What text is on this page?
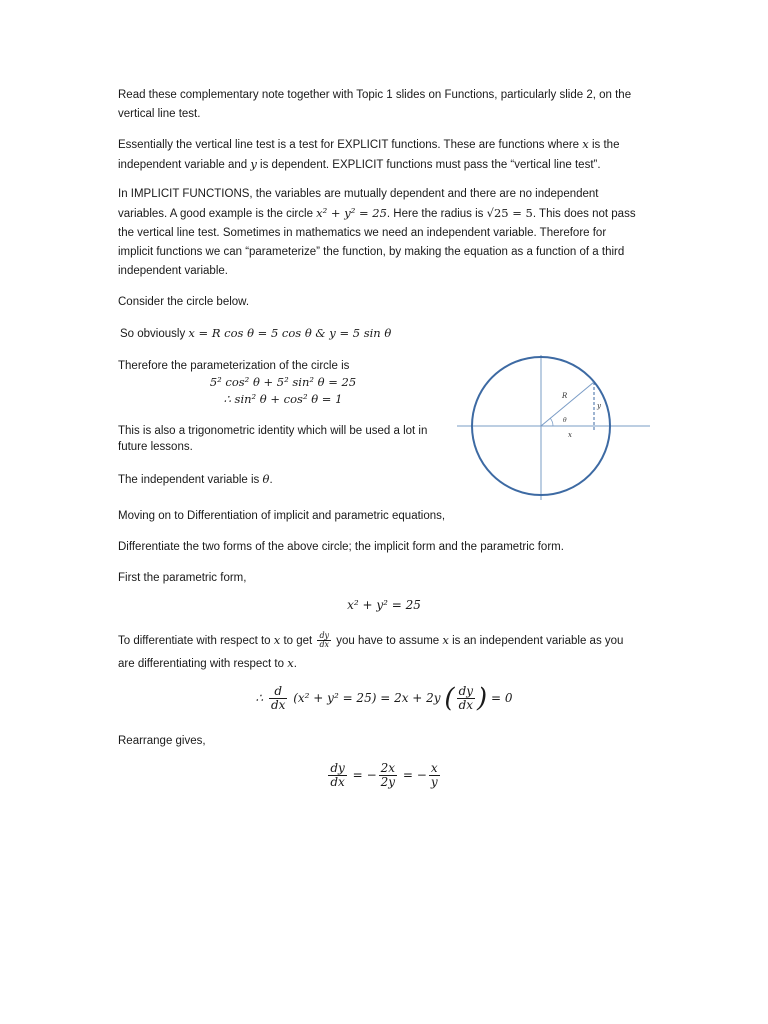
Read these complementary note together with Topic 1 slides on Functions, particularly slide 2, on the vertical line test.

Essentially the vertical line test is a test for EXPLICIT functions. These are functions where x is the independent variable and y is dependent. EXPLICIT functions must pass the “vertical line test”.

In IMPLICIT FUNCTIONS, the variables are mutually dependent and there are no independent variables. A good example is the circle x² + y² = 25. Here the radius is √25 = 5. This does not pass the vertical line test. Sometimes in mathematics we need an independent variable. Therefore for implicit functions we can “parameterize” the function, by making the equation as a function of a third independent variable.

Consider the circle below.

So obviously x = R cos θ = 5 cos θ & y = 5 sin θ

Therefore the parameterization of the circle is

5² cos² θ + 5² sin² θ = 25
∴ sin² θ + cos² θ = 1

This is also a trigonometric identity which will be used a lot in future lessons.

The independent variable is θ.

R
y
x
θ

Moving on to Differentiation of implicit and parametric equations,

Differentiate the two forms of the above circle; the implicit form and the parametric form.

First the parametric form,

x² + y² = 25

To differentiate with respect to x to get $\frac{dy}{dx}$ you have to assume x is an independent variable as you are differentiating with respect to x.

∴ $\frac{d}{dx} (x^2 + y^2 = 25) = 2x + 2y$ ( $\frac{dy}{dx}$ ) = 0

Rearrange gives,

$\frac{dy}{dx}$ = − $\frac{2x}{2y}$ = − $\frac{x}{y}$
